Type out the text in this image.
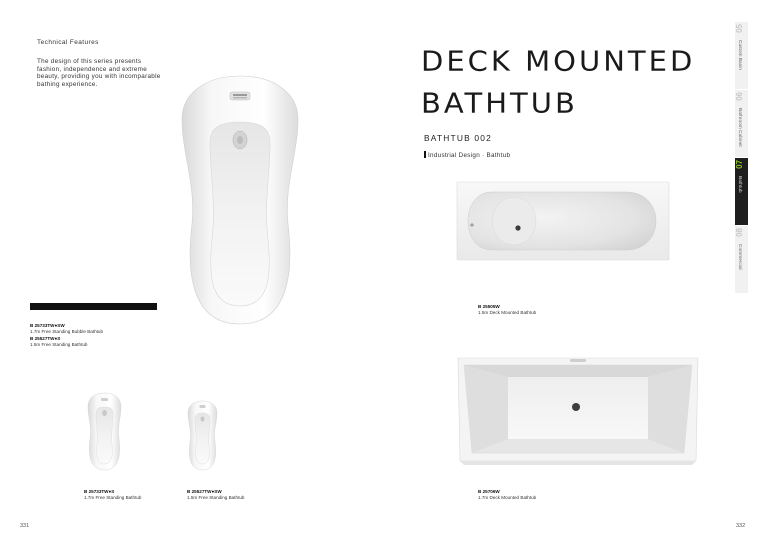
Technical Features
The design of this series presents fashion, independence and extreme beauty, providing you with incomparable bathing experience.
B 25733TW●SW
1.7m Free Standing Bubble Bathtub
B 25527TW●S
1.5m Free Standing Bathtub
B 25733TW●S
1.7m Free Standing Bathtub
B 25527TW●SW
1.5m Free Standing Bathtub
331
DECK MOUNTED
BATHTUB
BATHTUB 002
Industrial Design · Bathtub
B 25505W
1.5m Deck Mounted Bathtub
B 25706W
1.7m Deck Mounted Bathtub
332
05
Custom Basin
06
Bathroom Cabinet
07
Bathtub
08
Commercial
